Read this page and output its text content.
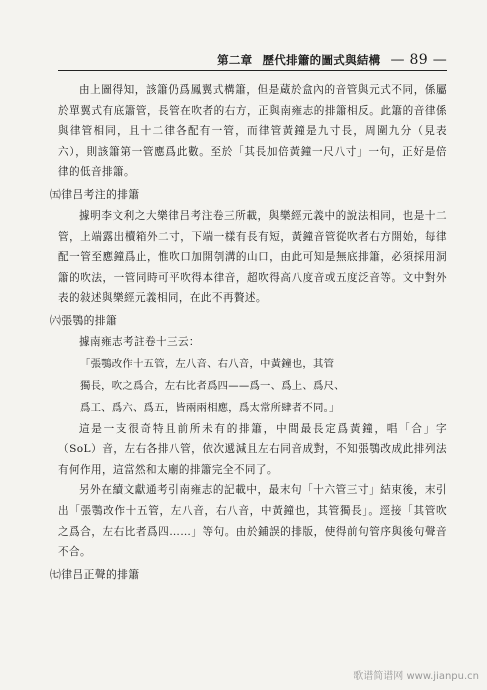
第二章 歷代排簫的圖式與結構 — 89 —

由上圖得知，該簫仍爲鳳翼式構簫，但是蔵於盒內的音管與元式不同，係屬於單翼式有底簫管，長管在吹者的右方，正與南雍志的排簫相反。此簫的音律係與律管相同，且十二律各配有一管，而律管黃鐘是九寸長，周圍九分（見表六），則該簫第一管應爲此數。至於「其長加倍黃鐘一尺八寸」一句，正好是倍律的低音排簫。

㈤律吕考注的排簫

據明李文利之大樂律吕考注卷三所載，與樂經元義中的說法相同，也是十二管，上端露出櫝箱外二寸，下端一樣有長有短，黃鐘音管從吹者右方開始，每律配一管至應鐘爲止，惟吹口加開刳溝的山口，由此可知是無底排簫，必須採用洞簫的吹法，一管同時可平吹得本律音，超吹得高八度音或五度泛音等。文中對外表的敍述與樂經元義相同，在此不再贅述。

㈥張鶚的排簫

據南雍志考註卷十三云：

「張鶚改作十五管，左八音、右八音，中黃鐘也，其管
獨長，吹之爲合，左右比者爲四——爲一、爲上、爲尺、
爲工、爲六、爲五，皆兩兩相應，爲太常所肆者不同。」

這是一支很奇特且前所未有的排簫，中間最長定爲黃鐘，唱「合」字（SoL）音，左右各排八管，依次遞減且左右同音成對，不知張鶚改成此排列法有何作用，這當然和太廟的排簫完全不同了。

另外在續文獻通考引南雍志的記載中，最末句「十六管三寸」結束後，末引出「張鶚改作十五管，左八音，右八音，中黃鐘也，其管獨長」。逕接「其管吹之爲合，左右比者爲四……」等句。由於鋪誤的排版，使得前句管序與後句聲音不合。

㈦律吕正聲的排簫
歌谱简谱网 www.jianpu.cn
